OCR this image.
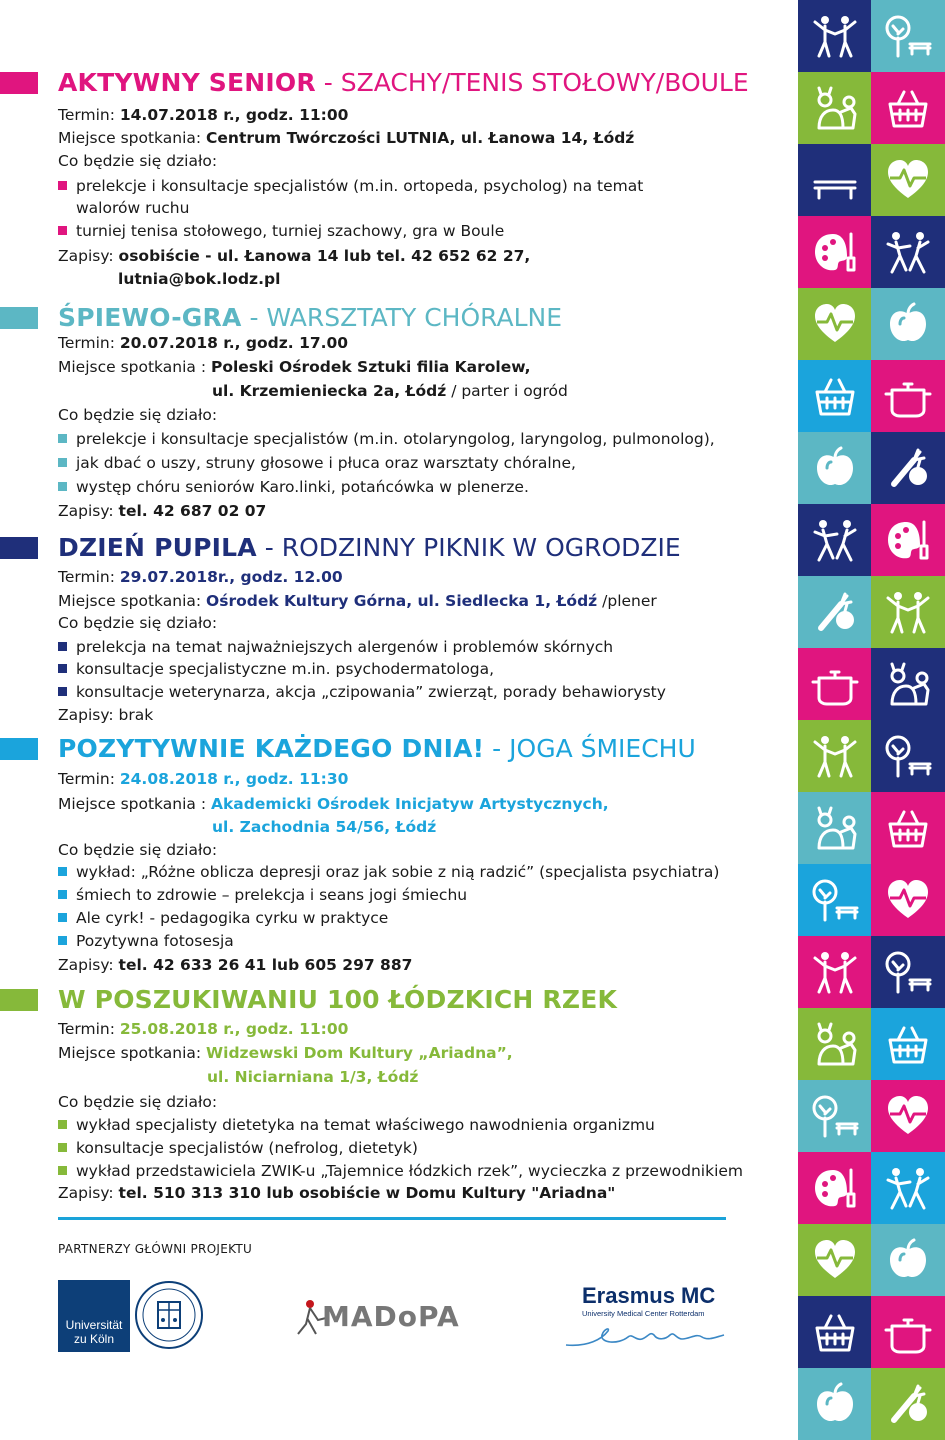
AKTYWNY SENIOR - SZACHY/TENIS STOŁOWY/BOULE
Termin: 14.07.2018 r., godz. 11:00
Miejsce spotkania: Centrum Twórczości LUTNIA, ul. Łanowa 14, Łódź
Co będzie się działo:
prelekcje i konsultacje specjalistów (m.in. ortopeda, psycholog) na temat
walorów ruchu
turniej tenisa stołowego, turniej szachowy, gra w Boule
Zapisy: osobiście - ul. Łanowa 14 lub tel. 42 652 62 27,
lutnia@bok.lodz.pl
ŚPIEWO-GRA - WARSZTATY CHÓRALNE
Termin: 20.07.2018 r., godz. 17.00
Miejsce spotkania : Poleski Ośrodek Sztuki filia Karolew,
ul. Krzemieniecka 2a, Łódź / parter i ogród
Co będzie się działo:
prelekcje i konsultacje specjalistów (m.in. otolaryngolog, laryngolog, pulmonolog),
jak dbać o uszy, struny głosowe i płuca oraz warsztaty chóralne,
występ chóru seniorów Karo.linki, potańcówka w plenerze.
Zapisy: tel. 42 687 02 07
DZIEŃ PUPILA - RODZINNY PIKNIK W OGRODZIE
Termin: 29.07.2018r., godz. 12.00
Miejsce spotkania: Ośrodek Kultury Górna, ul. Siedlecka 1, Łódź /plener
Co będzie się działo:
prelekcja na temat najważniejszych alergenów i problemów skórnych
konsultacje specjalistyczne m.in. psychodermatologa,
konsultacje weterynarza, akcja „czipowania” zwierząt, porady behawiorysty
Zapisy: brak
POZYTYWNIE KAŻDEGO DNIA! - JOGA ŚMIECHU
Termin: 24.08.2018 r., godz. 11:30
Miejsce spotkania : Akademicki Ośrodek Inicjatyw Artystycznych,
ul. Zachodnia 54/56, Łódź
Co będzie się działo:
wykład: „Różne oblicza depresji oraz jak sobie z nią radzić” (specjalista psychiatra)
śmiech to zdrowie – prelekcja i seans jogi śmiechu
Ale cyrk! - pedagogika cyrku w praktyce
Pozytywna fotosesja
Zapisy: tel. 42 633 26 41 lub 605 297 887
W POSZUKIWANIU 100 ŁÓDZKICH RZEK
Termin: 25.08.2018 r., godz. 11:00
Miejsce spotkania: Widzewski Dom Kultury „Ariadna”,
ul. Niciarniana 1/3, Łódź
Co będzie się działo:
wykład specjalisty dietetyka na temat właściwego nawodnienia organizmu
konsultacje specjalistów (nefrolog, dietetyk)
wykład przedstawiciela ZWIK-u „Tajemnice łódzkich rzek”, wycieczka z przewodnikiem
Zapisy: tel. 510 313 310 lub osobiście w Domu Kultury "Ariadna"
PARTNERZY GŁÓWNI PROJEKTU
Universität
zu Köln
MADoPA
Erasmus MC
University Medical Center Rotterdam
